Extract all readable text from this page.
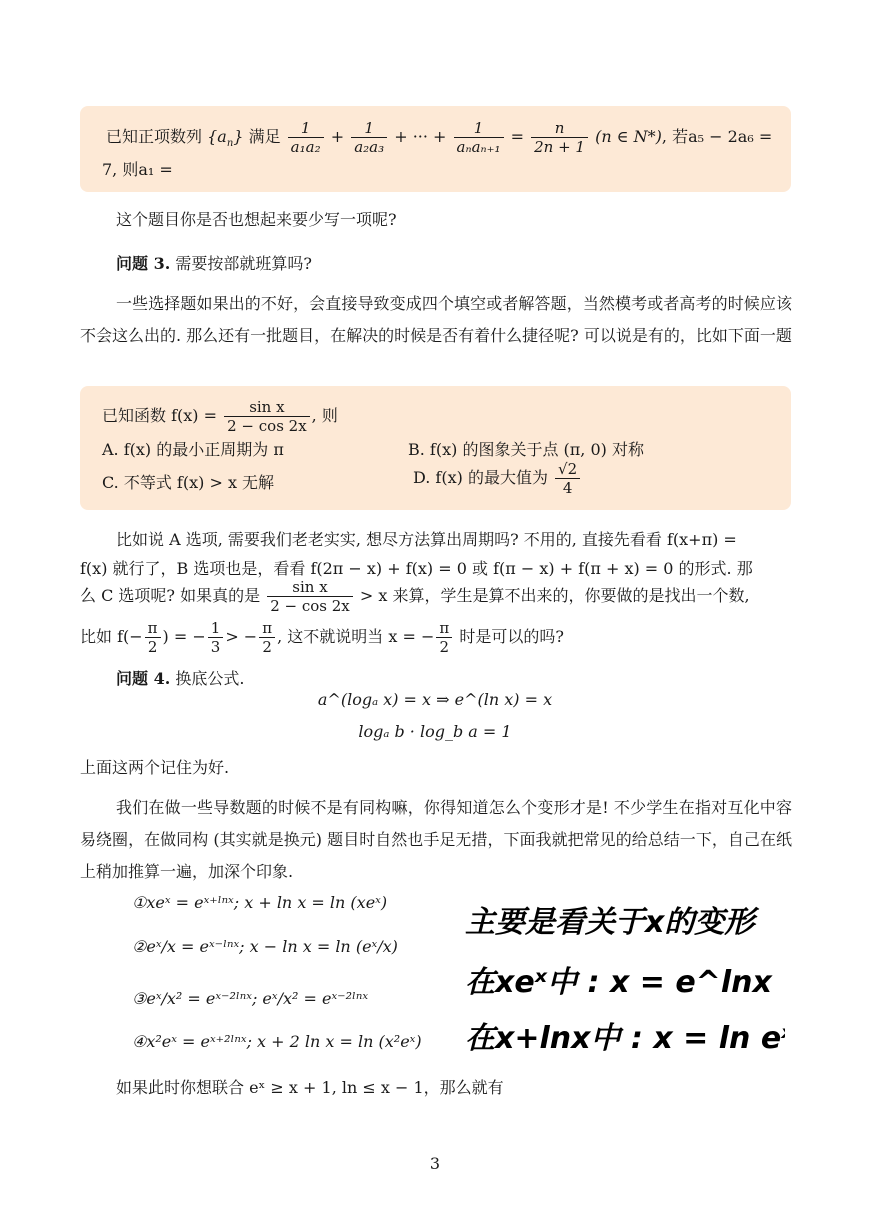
已知正项数列 $\{a_n\}$ 满足 $\frac{1}{\text{a₁a₂}} + \frac{1}{\text{a₂a₃}}$ + ··· + $\frac{1}{\text{aₙaₙ₊₁}} = \frac{n}{2n + 1} (n$ ∈ N*), 若a₅ − 2a₆ =
7, 则a₁ =
这个题目你是否也想起来要少写一项呢?
问题 3. 需要按部就班算吗?
一些选择题如果出的不好，会直接导致变成四个填空或者解答题，当然模考或者高考的时候应该不会这么出的. 那么还有一批题目，在解决的时候是否有着什么捷径呢? 可以说是有的，比如下面一题
已知函数 $f(x) = \frac{\text{sin x}}{2 - \cos 2x}$ , 则
A. f(x) 的最小正周期为 π	B. f(x) 的图象关于点 (π, 0) 对称
C. 不等式 f(x) > x 无解	D. f(x) 的最大值为 $\frac{√2}{4}$
比如说 A 选项, 需要我们老老实实, 想尽方法算出周期吗? 不用的, 直接先看看 f(x+π) =
f(x) 就行了，B 选项也是，看看 f(2π − x) + f(x) = 0 或 f(π − x) + f(π + x) = 0 的形式. 那
么 C 选项呢? 如果真的是 $\frac{\text{sin x}}{2 - \cos 2x} > x$ 来算，学生是算不出来的，你要做的是找出一个数,
比如 $f(- \frac{\pi}{2}$ ) = − $\frac{1}{3}$ > − $\frac{\pi}{2}$ , 这不就说明当 x = − $\frac{\pi}{2}$ 时是可以的吗?
问题 4. 换底公式.
a^(logₐ x) = x ⇒ e^(ln x) = x
logₐ b · log_b a = 1
上面这两个记住为好.
我们在做一些导数题的时候不是有同构嘛，你得知道怎么个变形才是! 不少学生在指对互化中容易绕圈，在做同构 (其实就是换元) 题目时自然也手足无措，下面我就把常见的给总结一下，自己在纸上稍加推算一遍，加深个印象.
①xeˣ = eˣ⁺ˡⁿˣ; x + ln x = ln (xeˣ)
②eˣ/x = eˣ⁻ˡⁿˣ; x − ln x = ln (eˣ/x)
③eˣ/x² = eˣ⁻²ˡⁿˣ; eˣ/x² = eˣ⁻²ˡⁿˣ
④x²eˣ = eˣ⁺²ˡⁿˣ; x + 2 ln x = ln (x²eˣ)
主要是看关于x的变形
在xeˣ中 : x = e^lnx
在x+lnx中 : x = ln eˣ
如果此时你想联合 eˣ ≥ x + 1, ln ≤ x − 1，那么就有
3
